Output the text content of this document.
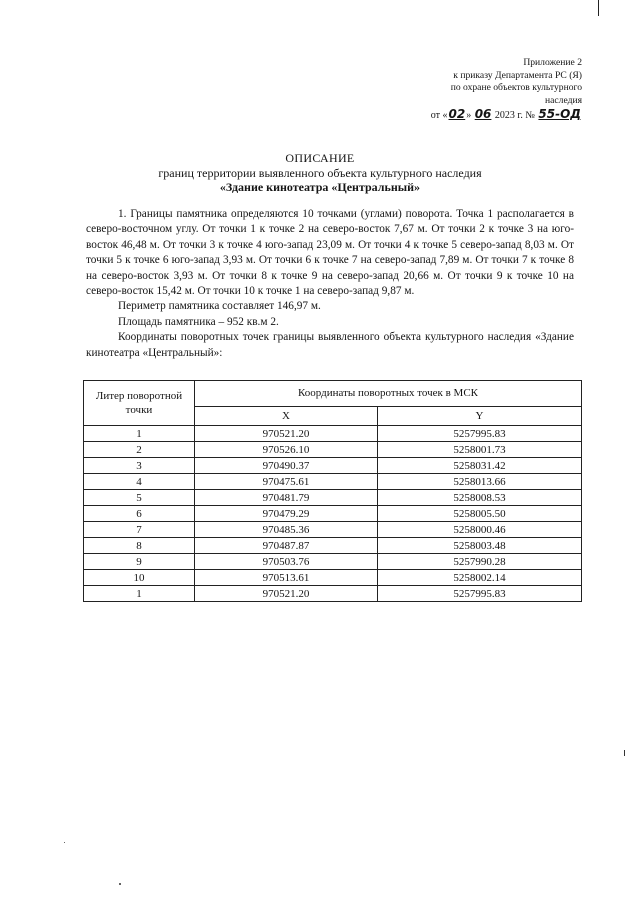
Приложение 2
к приказу Департамента РС (Я)
по охране объектов культурного
наследия
от «02» 06 2023 г. № 55-ОД
ОПИСАНИЕ
границ территории выявленного объекта культурного наследия
«Здание кинотеатра «Центральный»

1. Границы памятника определяются 10 точками (углами) поворота. Точка 1 располагается в северо-восточном углу. От точки 1 к точке 2 на северо-восток 7,67 м. От точки 2 к точке 3 на юго-восток 46,48 м. От точки 3 к точке 4 юго-запад 23,09 м. От точки 4 к точке 5 северо-запад 8,03 м. От точки 5 к точке 6 юго-запад 3,93 м. От точки 6 к точке 7 на северо-запад 7,89 м. От точки 7 к точке 8 на северо-восток 3,93 м. От точки 8 к точке 9 на северо-запад 20,66 м. От точки 9 к точке 10 на северо-восток 15,42 м. От точки 10 к точке 1 на северо-запад 9,87 м.

Периметр памятника составляет 146,97 м.

Площадь памятника – 952 кв.м 2.

Координаты поворотных точек границы выявленного объекта культурного наследия «Здание кинотеатра «Центральный»:

Литер поворотной точки	Координаты поворотных точек в МСК	
	X	Y
1	970521.20	5257995.83
2	970526.10	5258001.73
3	970490.37	5258031.42
4	970475.61	5258013.66
5	970481.79	5258008.53
6	970479.29	5258005.50
7	970485.36	5258000.46
8	970487.87	5258003.48
9	970503.76	5257990.28
10	970513.61	5258002.14
1	970521.20	5257995.83
